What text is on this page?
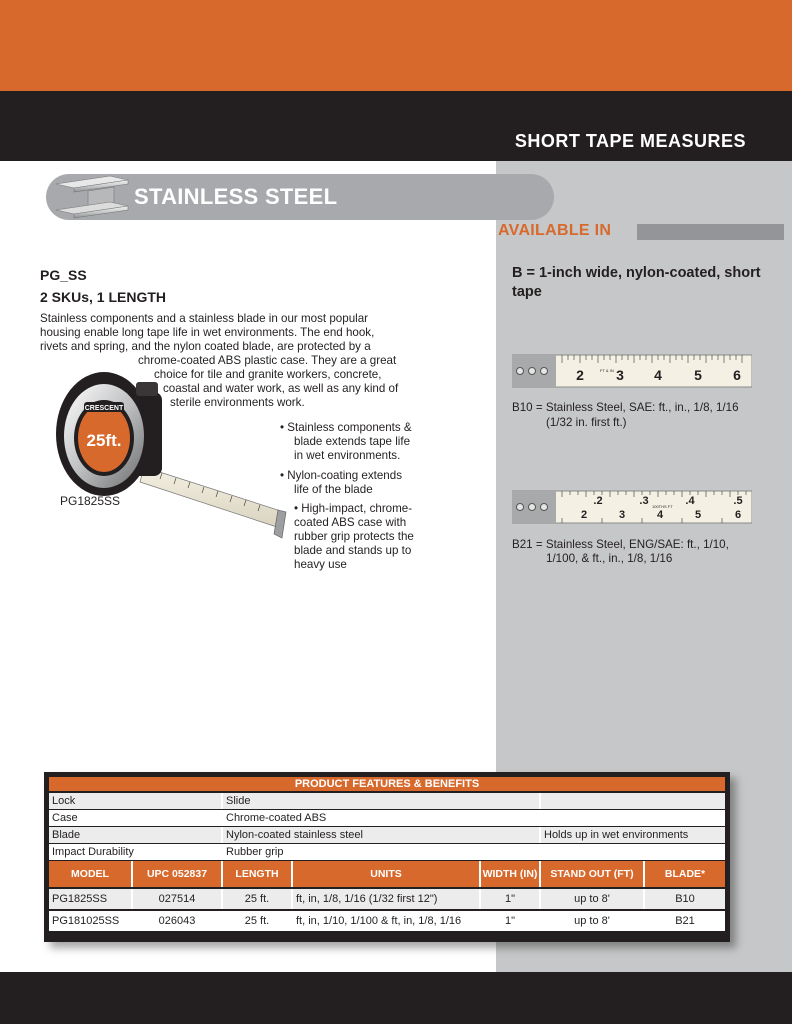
SHORT TAPE MEASURES
STAINLESS STEEL
AVAILABLE IN
PG_SS
2 SKUs, 1 LENGTH
Stainless components and a stainless blade in our most popular
housing enable long tape life in wet environments. The end hook,
rivets and spring, and the nylon coated blade, are protected by a
chrome-coated ABS plastic case. They are a great
choice for tile and granite workers, concrete,
coastal and water work, as well as any kind of
sterile environments work.
CRESCENT
25ft.
PG1825SS
• Stainless components &
blade extends tape life
in wet environments.
• Nylon-coating extends
life of the blade
• High-impact, chrome-
coated ABS case with
rubber grip protects the
blade and stands up to
heavy use
B = 1-inch wide, nylon-coated, short tape
2 3 4 5 6
FT & IN
B10 = Stainless Steel, SAE: ft., in., 1/8, 1/16
(1/32 in. first ft.)
.2	.3	.4	.5
2	3	4	5	6
100THS FT
B21 = Stainless Steel, ENG/SAE: ft., 1/10,
1/100, & ft., in., 1/8, 1/16
PRODUCT FEATURES & BENEFITS
Lock	Slide
Case	Chrome-coated ABS
Blade	Nylon-coated stainless steel	Holds up in wet environments
Impact Durability	Rubber grip
MODEL	UPC 052837	LENGTH	UNITS	WIDTH (IN)	STAND OUT (FT)	BLADE*
PG1825SS	027514	25 ft.	ft, in, 1/8, 1/16 (1/32 first 12")	1"	up to 8'	B10
PG181025SS	026043	25 ft.	ft, in, 1/10, 1/100 & ft, in, 1/8, 1/16	1"	up to 8'	B21
